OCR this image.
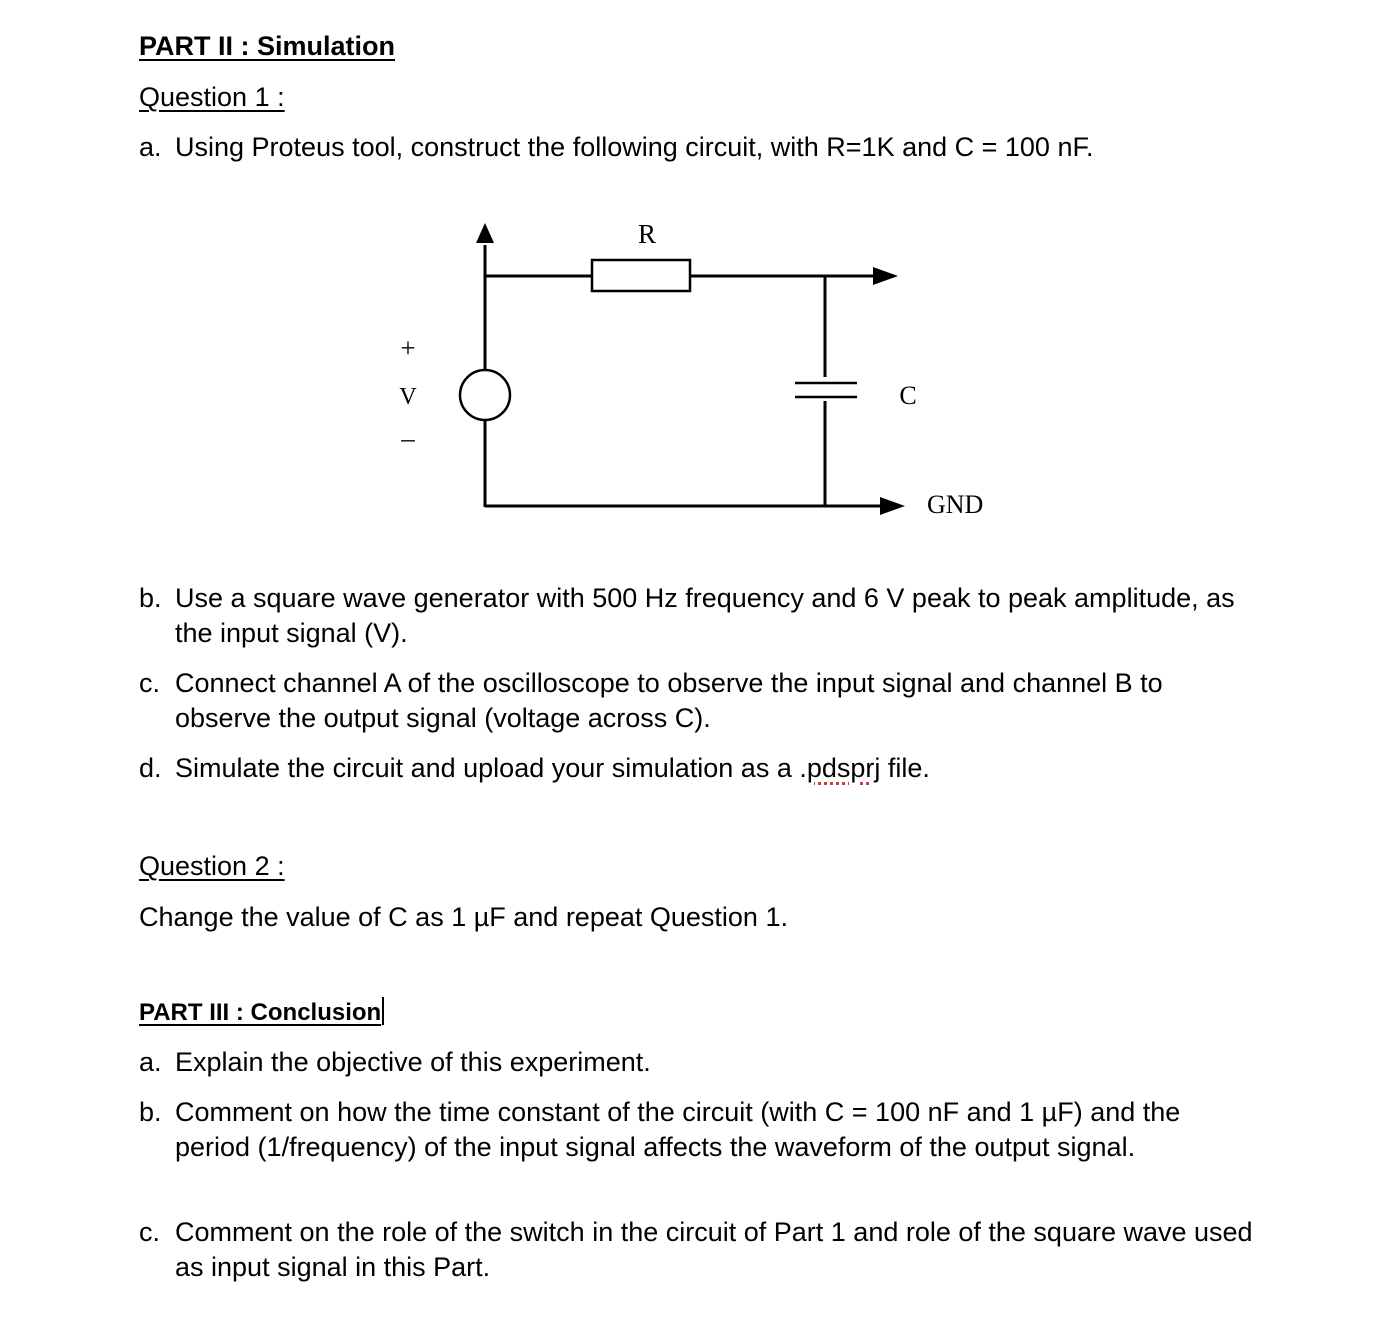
PART II : Simulation
Question 1 :
a. Using Proteus tool, construct the following circuit, with R=1K and C = 100 nF.
R
+
V
–
C
GND
b. Use a square wave generator with 500 Hz frequency and 6 V peak to peak amplitude, as the input signal (V).
c. Connect channel A of the oscilloscope to observe the input signal and channel B to observe the output signal (voltage across C).
d. Simulate the circuit and upload your simulation as a .pdsprj file.
Question 2 :
Change the value of C as 1 µF and repeat Question 1.
PART III : Conclusion
a. Explain the objective of this experiment.
b. Comment on how the time constant of the circuit (with C = 100 nF and 1 µF) and the period (1/frequency) of the input signal affects the waveform of the output signal.
c. Comment on the role of the switch in the circuit of Part 1 and role of the square wave used as input signal in this Part.
